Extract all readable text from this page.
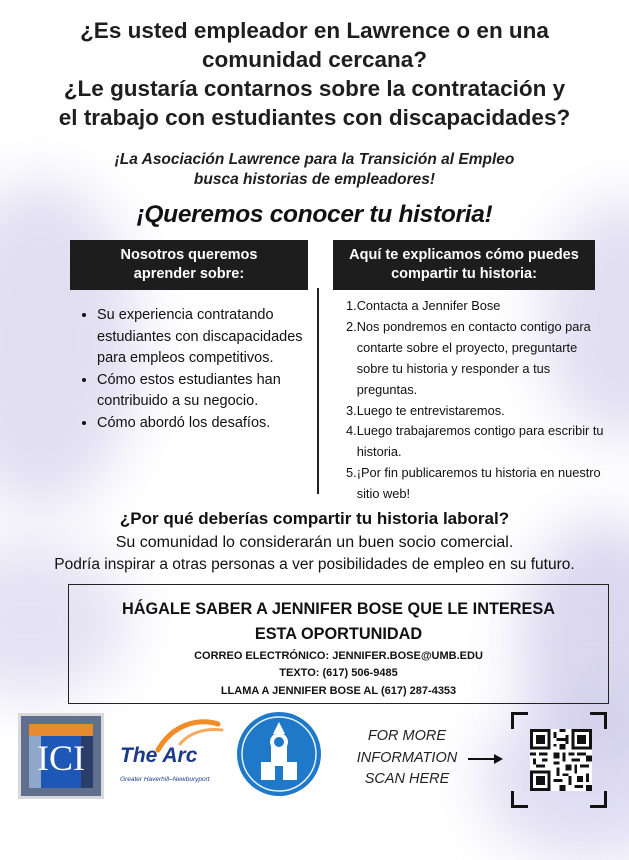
¿Es usted empleador en Lawrence o en una
comunidad cercana?
¿Le gustaría contarnos sobre la contratación y
el trabajo con estudiantes con discapacidades?
¡La Asociación Lawrence para la Transición al Empleo
busca historias de empleadores!
¡Queremos conocer tu historia!
Nosotros queremos
aprender sobre:
Aquí te explicamos cómo puedes
compartir tu historia:
• Su experiencia contratando estudiantes con discapacidades para empleos competitivos.
• Cómo estos estudiantes han contribuido a su negocio.
• Cómo abordó los desafíos.
1. Contacta a Jennifer Bose
2. Nos pondremos en contacto contigo para contarte sobre el proyecto, preguntarte sobre tu historia y responder a tus preguntas.
3. Luego te entrevistaremos.
4. Luego trabajaremos contigo para escribir tu historia.
5. ¡Por fin publicaremos tu historia en nuestro sitio web!
¿Por qué deberías compartir tu historia laboral?
Su comunidad lo considerarán un buen socio comercial.
Podría inspirar a otras personas a ver posibilidades de empleo en su futuro.
HÁGALE SABER A JENNIFER BOSE QUE LE INTERESA
ESTA OPORTUNIDAD
CORREO ELECTRÓNICO: JENNIFER.BOSE@UMB.EDU
TEXTO: (617) 506-9485
LLAMA A JENNIFER BOSE AL (617) 287-4353
ICI	The Arc
Greater Haverhill–Newburyport
FOR MORE
INFORMATION
SCAN HERE
